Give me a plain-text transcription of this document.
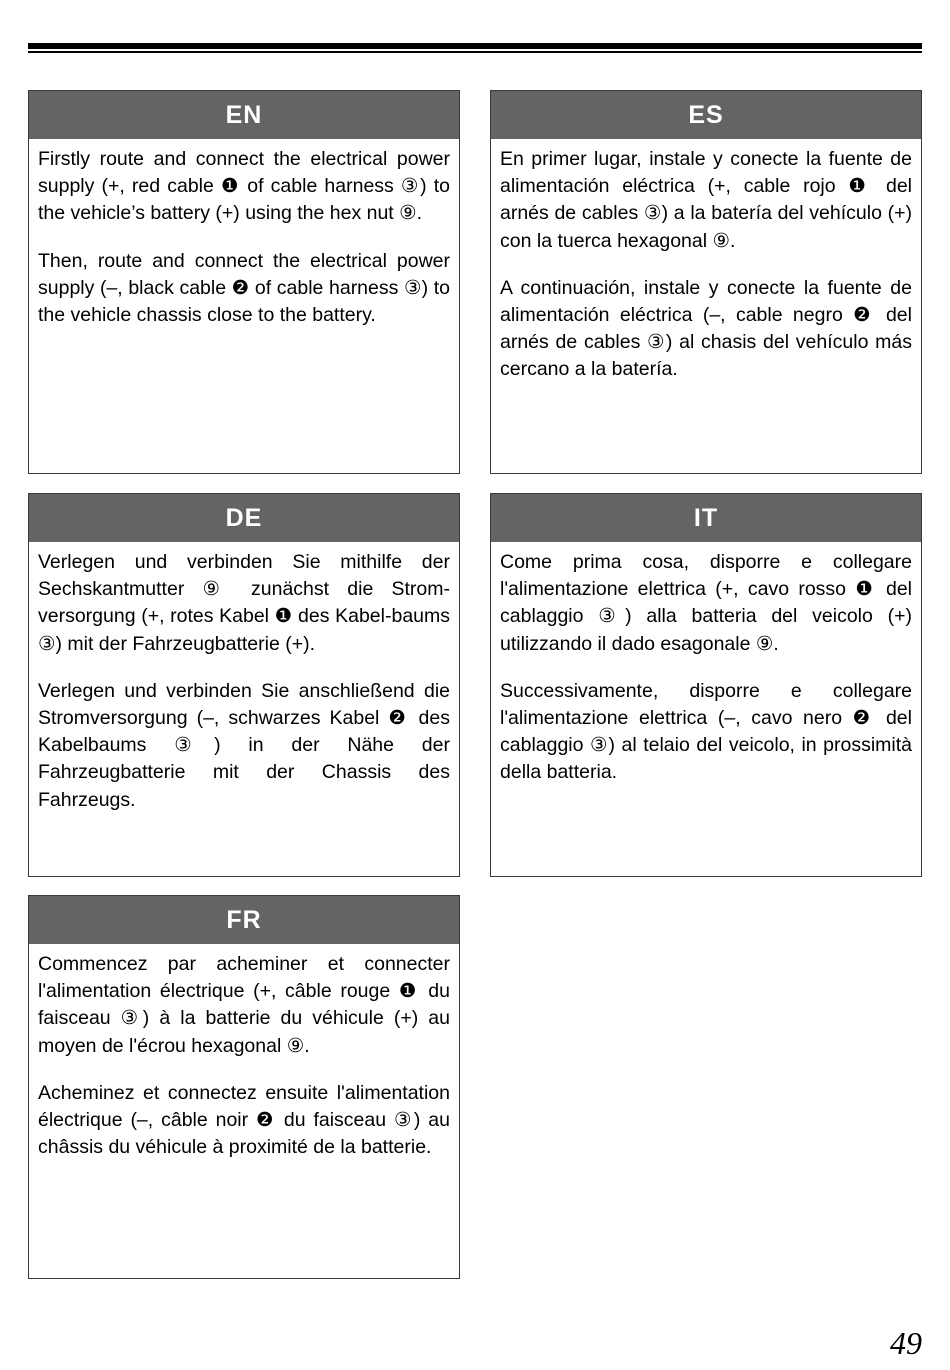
EN

Firstly route and connect the electrical power supply (+, red cable ❶ of cable harness ③) to the vehicle’s battery (+) using the hex nut ⑨.

Then, route and connect the electrical power supply (–, black cable ❷ of cable harness ③) to the vehicle chassis close to the battery.

ES

En primer lugar, instale y conecte la fuente de alimentación eléctrica (+, cable rojo ❶ del arnés de cables ③) a la batería del vehículo (+) con la tuerca hexagonal ⑨.

A continuación, instale y conecte la fuente de alimentación eléctrica (–, cable negro ❷ del arnés de cables ③) al chasis del vehículo más cercano a la batería.

DE

Verlegen und verbinden Sie mithilfe der Sechskantmutter ⑨ zunächst die Strom-versorgung (+, rotes Kabel ❶ des Kabel-baums ③) mit der Fahrzeugbatterie (+).

Verlegen und verbinden Sie anschließend die Stromversorgung (–, schwarzes Kabel ❷ des Kabelbaums ③) in der Nähe der Fahrzeugbatterie mit der Chassis des Fahrzeugs.

IT

Come prima cosa, disporre e collegare l'alimentazione elettrica (+, cavo rosso ❶ del cablaggio ③) alla batteria del veicolo (+) utilizzando il dado esagonale ⑨.

Successivamente, disporre e collegare l'alimentazione elettrica (–, cavo nero ❷ del cablaggio ③) al telaio del veicolo, in prossimità della batteria.

FR

Commencez par acheminer et connecter l'alimentation électrique (+, câble rouge ❶ du faisceau ③) à la batterie du véhicule (+) au moyen de l'écrou hexagonal ⑨.

Acheminez et connectez ensuite l'alimentation électrique (–, câble noir ❷ du faisceau ③) au châssis du véhicule à proximité de la batterie.

49
